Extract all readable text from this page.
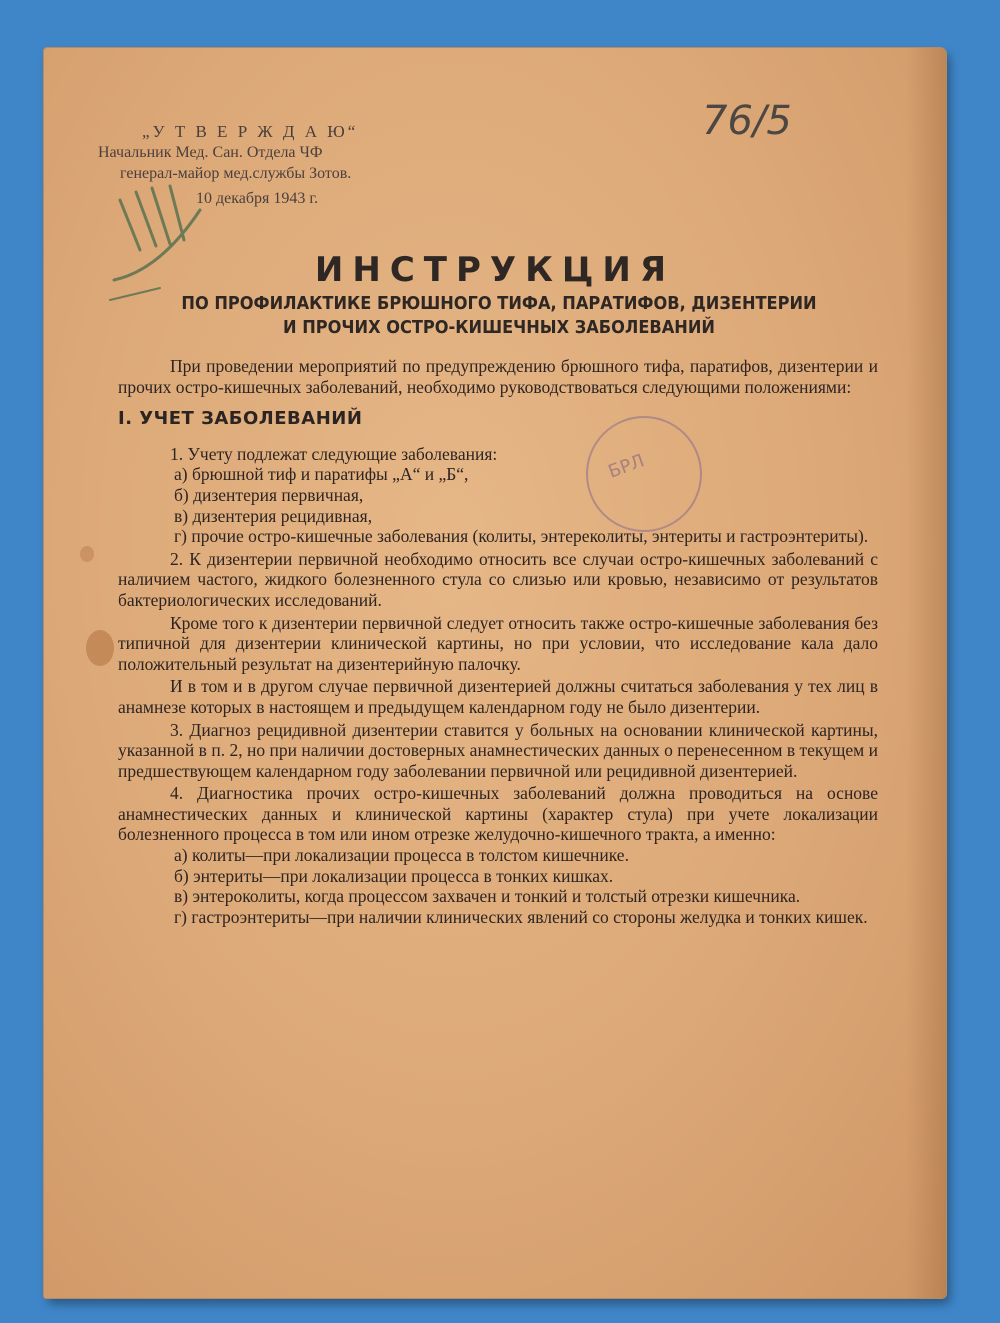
„У Т В Е Р Ж Д А Ю“
Начальник Мед. Сан. Отдела ЧФ
генерал-майор мед.службы Зотов.
10 декабря 1943 г.
76/5
БРЛ
ИНСТРУКЦИЯ
ПО ПРОФИЛАКТИКЕ БРЮШНОГО ТИФА, ПАРАТИФОВ, ДИЗЕНТЕРИИ
И ПРОЧИХ ОСТРО-КИШЕЧНЫХ ЗАБОЛЕВАНИЙ

При проведении мероприятий по предупреждению брюшного тифа, паратифов, дизентерии и прочих остро-кишечных заболеваний, необходимо руководствоваться следующими положениями:

I. УЧЕТ ЗАБОЛЕВАНИЙ

1. Учету подлежат следующие заболевания:

а) брюшной тиф и паратифы „А“ и „Б“,

б) дизентерия первичная,

в) дизентерия рецидивная,

г) прочие остро-кишечные заболевания (колиты, энтереколиты, энтериты и гастроэнтериты).

2. К дизентерии первичной необходимо относить все случаи остро-кишечных заболеваний с наличием частого, жидкого болезненного стула со слизью или кровью, независимо от результатов бактериологических исследований.

Кроме того к дизентерии первичной следует относить также остро-кишечные заболевания без типичной для дизентерии клинической картины, но при условии, что исследование кала дало положительный результат на дизентерийную палочку.

И в том и в другом случае первичной дизентерией должны считаться заболевания у тех лиц в анамнезе которых в настоящем и предыдущем календарном году не было дизентерии.

3. Диагноз рецидивной дизентерии ставится у больных на основании клинической картины, указанной в п. 2, но при наличии достоверных анамнестических данных о перенесенном в текущем и предшествующем календарном году заболевании первичной или рецидивной дизентерией.

4. Диагностика прочих остро-кишечных заболеваний должна проводиться на основе анамнестических данных и клинической картины (характер стула) при учете локализации болезненного процесса в том или ином отрезке желудочно-кишечного тракта, а именно:

а) колиты—при локализации процесса в толстом кишечнике.

б) энтериты—при локализации процесса в тонких кишках.

в) энтероколиты, когда процессом захвачен и тонкий и толстый отрезки кишечника.

г) гастроэнтериты—при наличии клинических явлений со стороны желудка и тонких кишек.
